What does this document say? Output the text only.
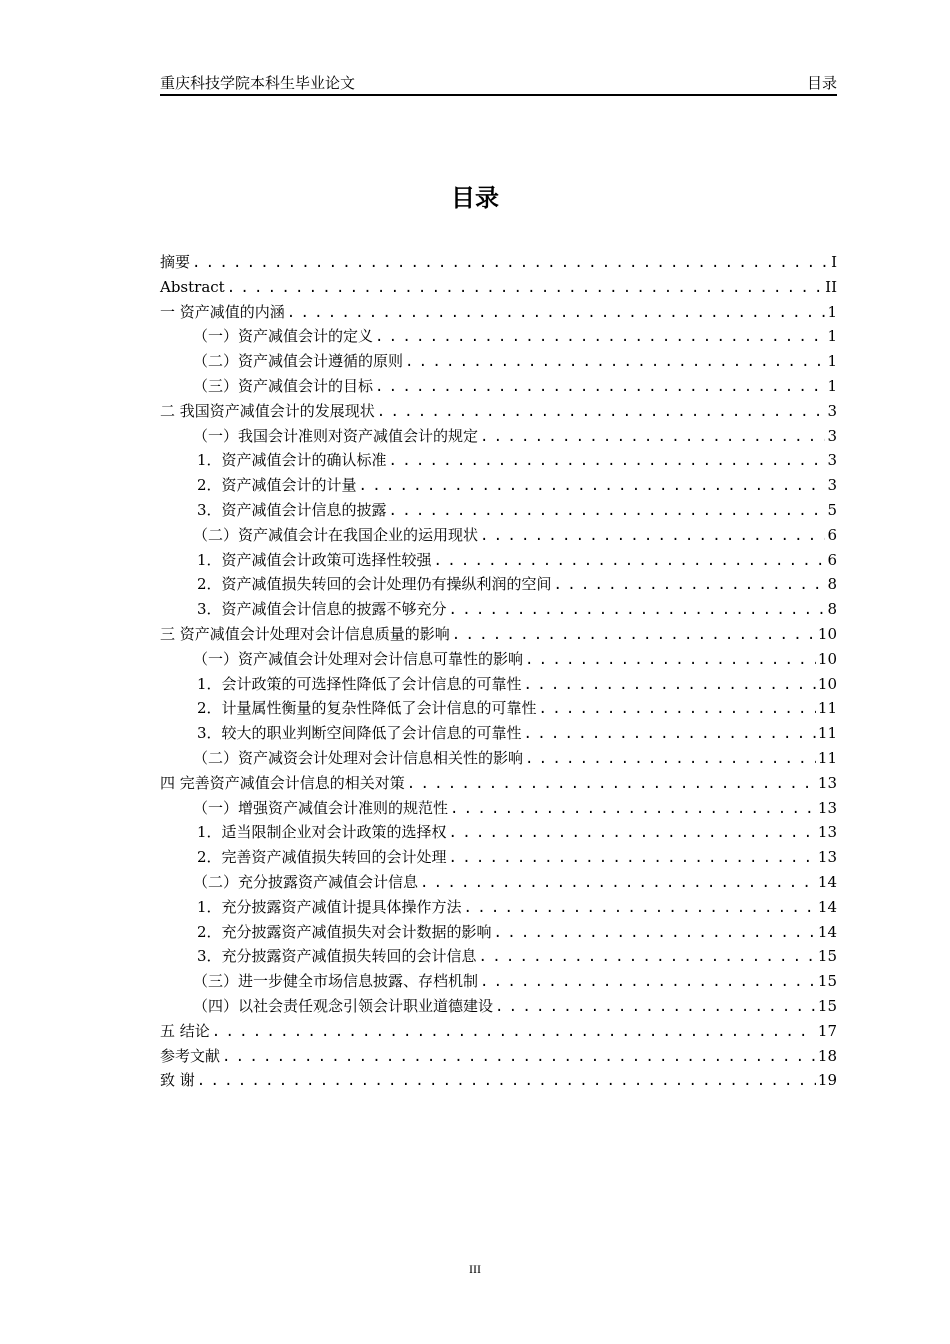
重庆科技学院本科生毕业论文	目录
目录
摘要 . . .	I
Abstract . . .	II
一 资产减值的内涵 . . .	1
（一）资产减值会计的定义 . . .	1
（二）资产减值会计遵循的原则 . . .	1
（三）资产减值会计的目标 . . .	1
二 我国资产减值会计的发展现状 . . .	3
（一）我国会计准则对资产减值会计的规定 . . .	3
1．资产减值会计的确认标准 . . .	3
2．资产减值会计的计量 . . .	3
3．资产减值会计信息的披露 . . .	5
（二）资产减值会计在我国企业的运用现状 . . .	6
1．资产减值会计政策可选择性较强 . . .	6
2．资产减值损失转回的会计处理仍有操纵利润的空间 . . .	8
3．资产减值会计信息的披露不够充分 . . .	8
三 资产减值会计处理对会计信息质量的影响 . . .	10
（一）资产减值会计处理对会计信息可靠性的影响 . . .	10
1．会计政策的可选择性降低了会计信息的可靠性 . . .	10
2．计量属性衡量的复杂性降低了会计信息的可靠性 . . .	11
3．较大的职业判断空间降低了会计信息的可靠性 . . .	11
（二）资产减资会计处理对会计信息相关性的影响 . . .	11
四 完善资产减值会计信息的相关对策 . . .	13
（一）增强资产减值会计准则的规范性 . . .	13
1．适当限制企业对会计政策的选择权 . . .	13
2．完善资产减值损失转回的会计处理 . . .	13
（二）充分披露资产减值会计信息 . . .	14
1．充分披露资产减值计提具体操作方法 . . .	14
2．充分披露资产减值损失对会计数据的影响 . . .	14
3．充分披露资产减值损失转回的会计信息 . . .	15
（三）进一步健全市场信息披露、存档机制 . . .	15
（四）以社会责任观念引领会计职业道德建设 . . .	15
五 结论 . . .	17
参考文献 . . .	18
致 谢 . . .	19
III
